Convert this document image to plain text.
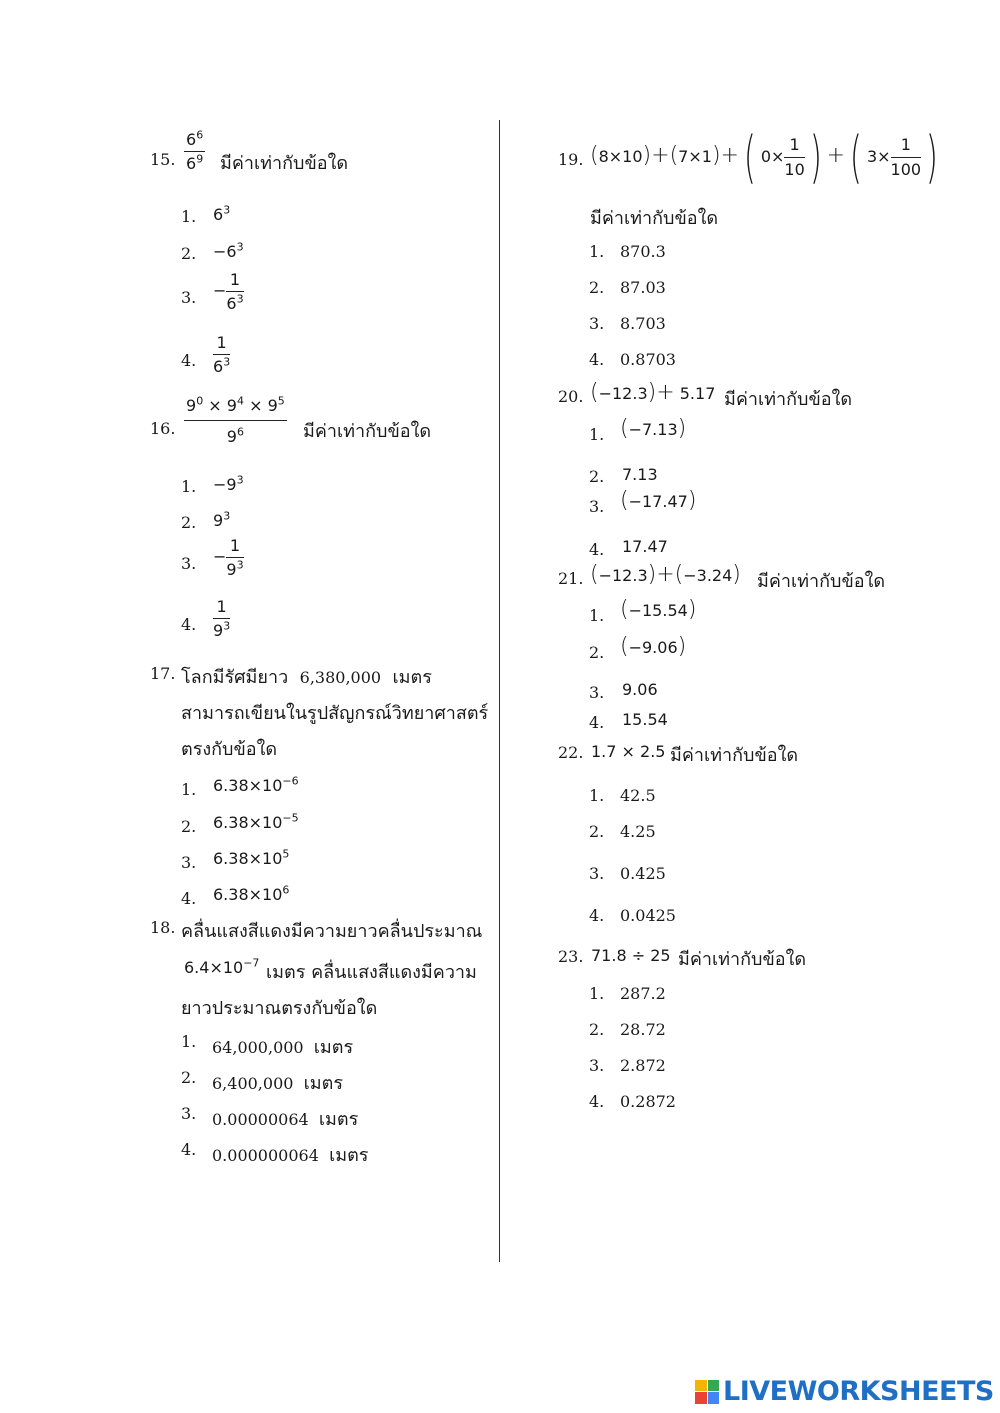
15. $\frac{6^6}{6^9}$ มีค่าเท่ากับข้อใด
1. $6^3$
2. $-6^3$
3. − $\frac{1}{6^3}$
4. $\frac{1}{6^3}$
16. $\frac{9^0 \times 9^4 \times 9^5}{9^6}$ มีค่าเท่ากับข้อใด
1. $-9^3$
2. $9^3$
3. − $\frac{1}{9^3}$
4. $\frac{1}{9^3}$
17. โลกมีรัศมียาว 6,380,000 เมตร
สามารถเขียนในรูปสัญกรณ์วิทยาศาสตร์
ตรงกับข้อใด
1. $6.38\times 10^{-6}$
2. $6.38\times 10^{-5}$
3. $6.38\times 10^5$
4. $6.38\times 10^6$
18. คลื่นแสงสีแดงมีความยาวคลื่นประมาณ
$6.4\times 10^{-7}$ เมตร คลื่นแสงสีแดงมีความ
ยาวประมาณตรงกับข้อใด
1. 64,000,000 เมตร
2. 6,400,000 เมตร
3. 0.00000064 เมตร
4. 0.000000064 เมตร
19. (8×10)+(7×1)+( $0\times \frac{1}{10}$ ) +( $3\times \frac{1}{100}$ )
มีค่าเท่ากับข้อใด
1. 870.3
2. 87.03
3. 8.703
4. 0.8703
20. (−12.3)+ 5.17 มีค่าเท่ากับข้อใด
1. (−7.13)
2. 7.13
3. (−17.47)
4. 17.47
21. (−12.3)+(−3.24) มีค่าเท่ากับข้อใด
1. (−15.54)
2. (−9.06)
3. 9.06
4. 15.54
22. 1.7 × 2.5 มีค่าเท่ากับข้อใด
1. 42.5
2. 4.25
3. 0.425
4. 0.0425
23. 71.8 ÷ 25 มีค่าเท่ากับข้อใด
1. 287.2
2. 28.72
3. 2.872
4. 0.2872
LIVEWORKSHEETS
